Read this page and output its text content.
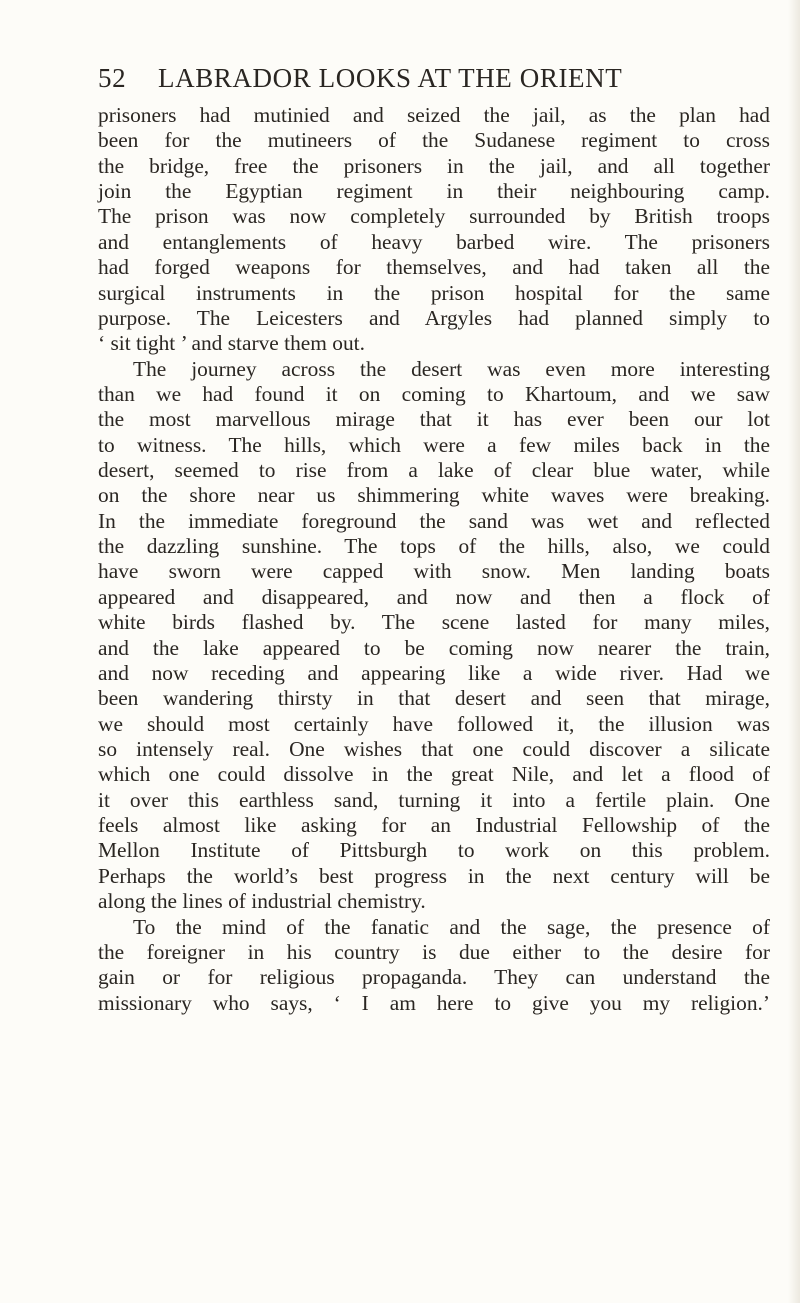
52 LABRADOR LOOKS AT THE ORIENT
prisoners had mutinied and seized the jail, as the plan had
been for the mutineers of the Sudanese regiment to cross
the bridge, free the prisoners in the jail, and all together
join the Egyptian regiment in their neighbouring camp.
The prison was now completely surrounded by British troops
and entanglements of heavy barbed wire. The prisoners
had forged weapons for themselves, and had taken all the
surgical instruments in the prison hospital for the same
purpose. The Leicesters and Argyles had planned simply to
‘ sit tight ’ and starve them out.
The journey across the desert was even more interesting
than we had found it on coming to Khartoum, and we saw
the most marvellous mirage that it has ever been our lot
to witness. The hills, which were a few miles back in the
desert, seemed to rise from a lake of clear blue water, while
on the shore near us shimmering white waves were breaking.
In the immediate foreground the sand was wet and reflected
the dazzling sunshine. The tops of the hills, also, we could
have sworn were capped with snow. Men landing boats
appeared and disappeared, and now and then a flock of
white birds flashed by. The scene lasted for many miles,
and the lake appeared to be coming now nearer the train,
and now receding and appearing like a wide river. Had we
been wandering thirsty in that desert and seen that mirage,
we should most certainly have followed it, the illusion was
so intensely real. One wishes that one could discover a silicate
which one could dissolve in the great Nile, and let a flood of
it over this earthless sand, turning it into a fertile plain. One
feels almost like asking for an Industrial Fellowship of the
Mellon Institute of Pittsburgh to work on this problem.
Perhaps the world’s best progress in the next century will be
along the lines of industrial chemistry.
To the mind of the fanatic and the sage, the presence of
the foreigner in his country is due either to the desire for
gain or for religious propaganda. They can understand the
missionary who says, ‘ I am here to give you my religion.’
